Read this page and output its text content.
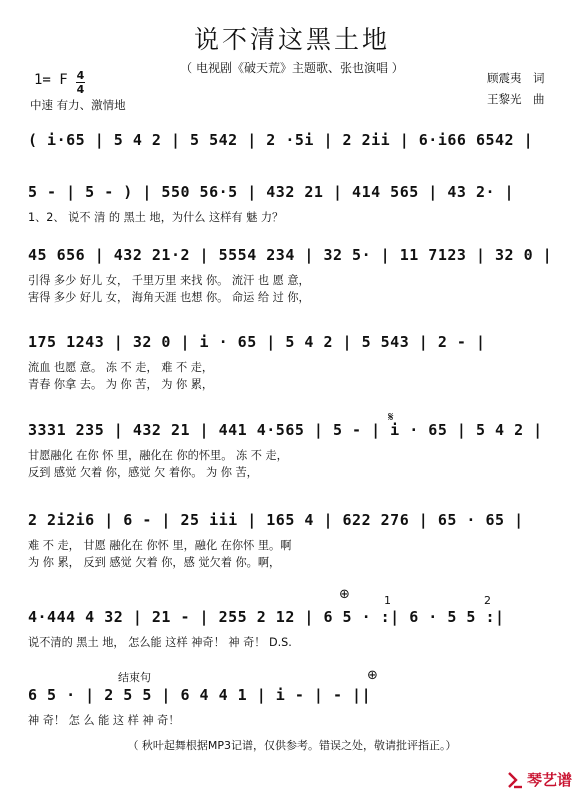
说不清这黑土地
（ 电视剧《破天荒》主题歌、张也演唱 ）
顾震夷　词
王黎光　曲
1= F 4
4
中速 有力、激情地
( i·65 | 5 4 2 | 5 542 | 2 ·5i | 2 2ii | 6·i66 6542 |
5 - | 5 - ) | 550 56·5 | 432 21 | 414 565 | 43 2· |
1、2、 说不 清 的 黑土 地，为什么 这样有 魅 力？
45 656 | 432 21·2 | 5554 234 | 32 5· | 11 7123 | 32 0 |
引得 多少 好儿 女， 千里万里 来找 你。 流汗 也 愿 意，
害得 多少 好儿 女， 海角天涯 也想 你。 命运 给 过 你，
175 1243 | 32 0 | i · 65 | 5 4 2 | 5 543 | 2 - |
流血 也愿 意。 冻 不 走， 难 不 走，
青春 你拿 去。 为 你 苦， 为 你 累，
3331 235 | 432 21 | 441 4·565 | 5 - | i · 65 | 5 4 2 |
甘愿融化 在你 怀 里，融化在 你的怀里。 冻 不 走，
反到 感觉 欠着 你，感觉 欠 着你。 为 你 苦，
2 2i2i6 | 6 - | 25 iii | 165 4 | 622 276 | 65 · 65 |
难 不 走， 甘愿 融化在 你怀 里，融化 在你怀 里。啊
为 你 累， 反到 感觉 欠着 你，感 觉欠着 你。啊，
4·444 4 32 | 21 - | 255 2 12 | 6 5 · :| 6 · 5 5 :|
说不清的 黑土 地， 怎么能 这样 神奇！ 神 奇！ D.S.
6 5 · | 2 5 5 | 6 4 4 1 | i - | - ||
神 奇！ 怎 么 能 这 样 神 奇！
结束句
1	2
𝄋
⊕
⊕
（ 秋叶起舞根据MP3记谱，仅供参考。错误之处，敬请批评指正。）
琴艺谱
